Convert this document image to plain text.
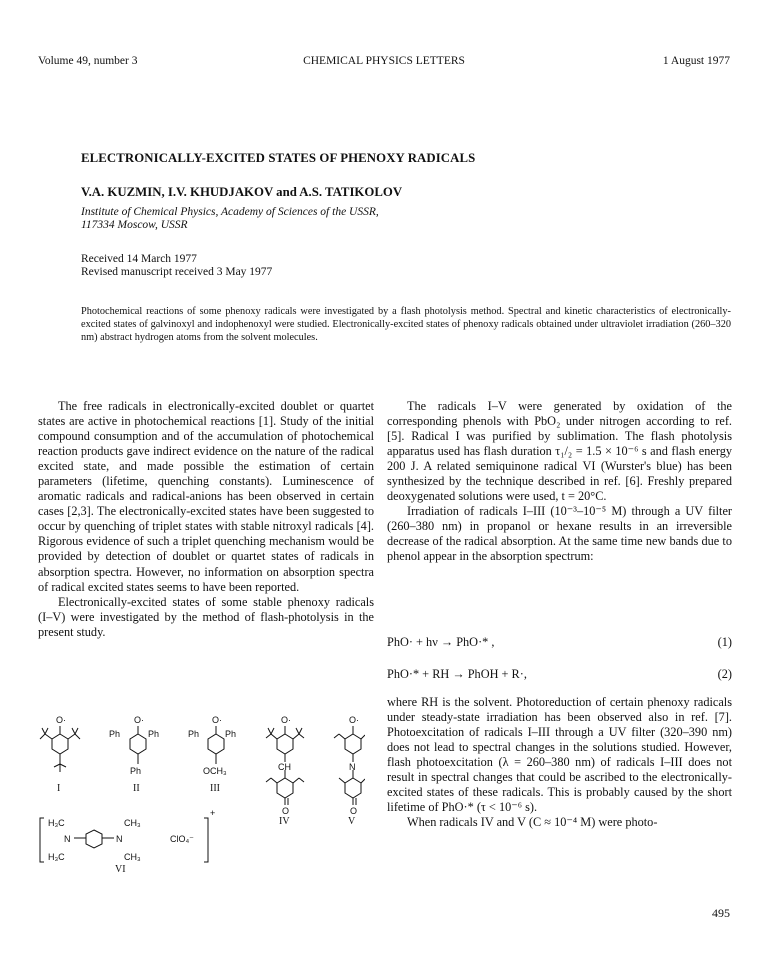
Volume 49, number 3	CHEMICAL PHYSICS LETTERS	1 August 1977
ELECTRONICALLY-EXCITED STATES OF PHENOXY RADICALS
V.A. KUZMIN, I.V. KHUDJAKOV and A.S. TATIKOLOV
Institute of Chemical Physics, Academy of Sciences of the USSR,
117334 Moscow, USSR
Received 14 March 1977
Revised manuscript received 3 May 1977
Photochemical reactions of some phenoxy radicals were investigated by a flash photolysis method. Spectral and kinetic characteristics of electronically-excited states of galvinoxyl and indophenoxyl were studied. Electronically-excited states of phenoxy radicals obtained under ultraviolet irradiation (260–320 nm) abstract hydrogen atoms from the solvent molecules.

The free radicals in electronically-excited doublet or quartet states are active in photochemical reactions [1]. Study of the initial compound consumption and of the accumulation of photochemical reaction products gave indirect evidence on the nature of the radical excited state, and made possible the estimation of certain parameters (lifetime, quenching constants). Luminescence of aromatic radicals and radical-anions has been observed in certain cases [2,3]. The electronically-excited states have been suggested to occur by quenching of triplet states with stable nitroxyl radicals [4]. Rigorous evidence of such a triplet quenching mechanism would be provided by detection of doublet or quartet states of radicals in absorption spectra. However, no information on absorption spectra of radical excited states seems to have been reported.

Electronically-excited states of some stable phenoxy radicals (I–V) were investigated by the method of flash-photolysis in the present study.

The radicals I–V were generated by oxidation of the corresponding phenols with PbO₂ under nitrogen according to ref. [5]. Radical I was purified by sublimation. The flash photolysis apparatus used has flash duration τ₁/₂ = 1.5 × 10⁻⁶ s and flash energy 200 J. A related semiquinone radical VI (Wurster's blue) has been synthesized by the technique described in ref. [6]. Freshly prepared deoxygenated solutions were used, t = 20°C.

Irradiation of radicals I–III (10⁻³–10⁻⁵ M) through a UV filter (260–380 nm) in propanol or hexane results in an irreversible decrease of the radical absorption. At the same time new bands due to phenol appear in the absorption spectrum:

PhO· + hν → PhO·* ,	(1)
PhO·* + RH → PhOH + R·,	(2)

where RH is the solvent. Photoreduction of certain phenoxy radicals under steady-state irradiation has been observed also in ref. [7]. Photoexcitation of radicals I–III through a UV filter (320–390 nm) does not lead to spectral changes in the solutions studied. However, flash photoexcitation (λ = 260–380 nm) of radicals I–III does not result in spectral changes that could be ascribed to the electronically-excited states of these radicals. This is probably caused by the short lifetime of PhO·* (τ < 10⁻⁶ s).

When radicals IV and V (C ≈ 10⁻⁴ M) were photo-

O·	O·	O·	O·	O·
Ph	Ph
Ph
Ph	Ph
OCH₃	CH	N
O	O
H₃C
H₃C
N	N
CH₃
CH₃
+
ClO₄⁻
I	II	III
IV	V
VI
495
